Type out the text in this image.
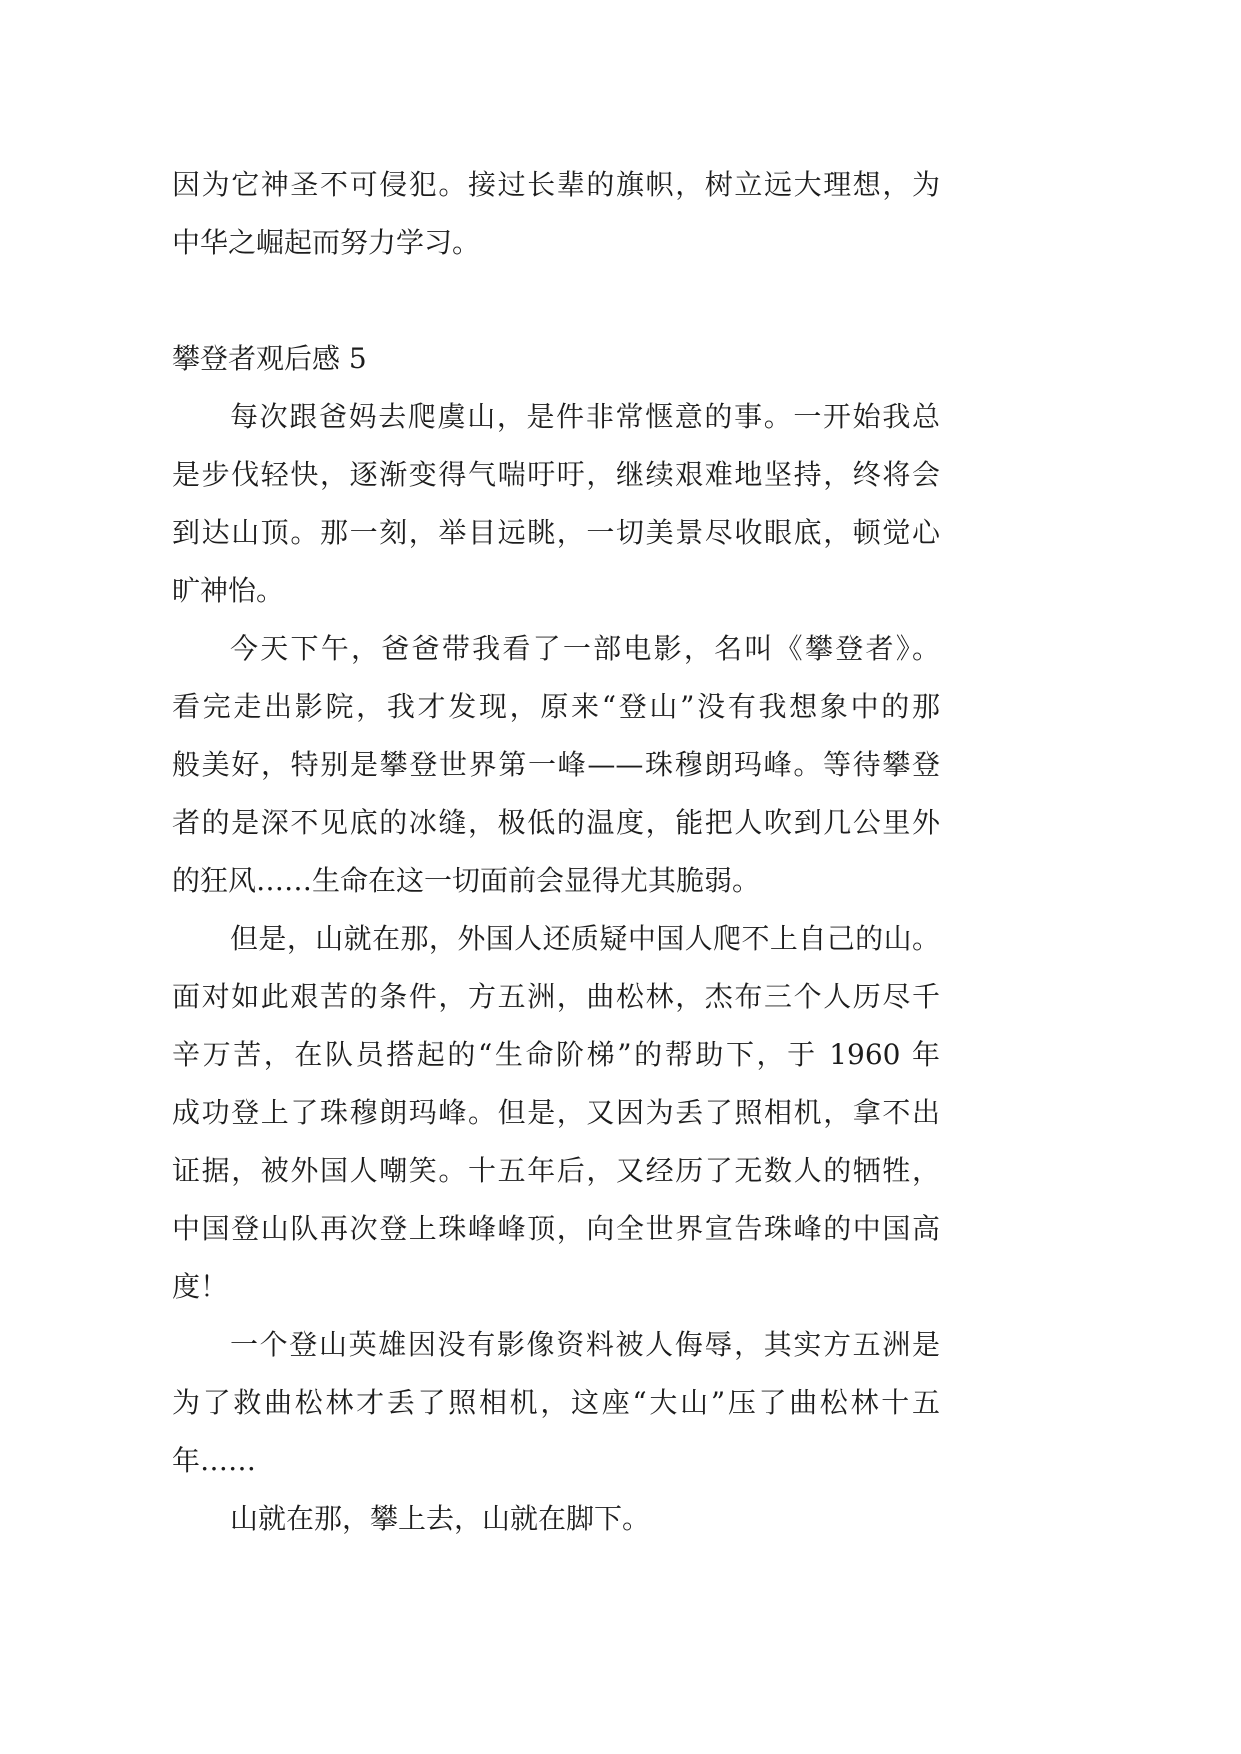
因为它神圣不可侵犯。接过长辈的旗帜，树立远大理想，为
中华之崛起而努力学习。
攀登者观后感 5
每次跟爸妈去爬虞山，是件非常惬意的事。一开始我总
是步伐轻快，逐渐变得气喘吁吁，继续艰难地坚持，终将会
到达山顶。那一刻，举目远眺，一切美景尽收眼底，顿觉心
旷神怡。
今天下午，爸爸带我看了一部电影，名叫《攀登者》。
看完走出影院，我才发现，原来“登山”没有我想象中的那
般美好，特别是攀登世界第一峰——珠穆朗玛峰。等待攀登
者的是深不见底的冰缝，极低的温度，能把人吹到几公里外
的狂风……生命在这一切面前会显得尤其脆弱。
但是，山就在那，外国人还质疑中国人爬不上自己的山。
面对如此艰苦的条件，方五洲，曲松林，杰布三个人历尽千
辛万苦，在队员搭起的“生命阶梯”的帮助下，于 1960 年
成功登上了珠穆朗玛峰。但是，又因为丢了照相机，拿不出
证据，被外国人嘲笑。十五年后，又经历了无数人的牺牲，
中国登山队再次登上珠峰峰顶，向全世界宣告珠峰的中国高
度！
一个登山英雄因没有影像资料被人侮辱，其实方五洲是
为了救曲松林才丢了照相机，这座“大山”压了曲松林十五
年……
山就在那，攀上去，山就在脚下。
